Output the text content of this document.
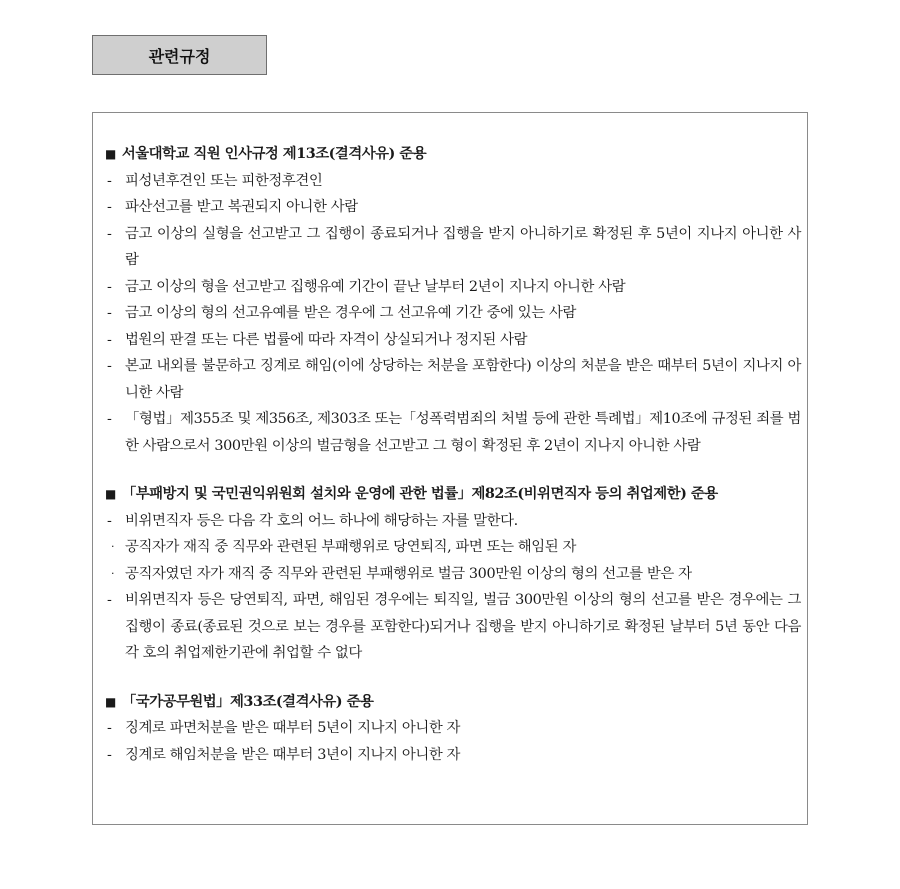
관련규정
■ 서울대학교 직원 인사규정 제13조(결격사유) 준용
- 피성년후견인 또는 피한정후견인
- 파산선고를 받고 복권되지 아니한 사람
- 금고 이상의 실형을 선고받고 그 집행이 종료되거나 집행을 받지 아니하기로 확정된 후 5년이 지나지 아니한 사람
- 금고 이상의 형을 선고받고 집행유예 기간이 끝난 날부터 2년이 지나지 아니한 사람
- 금고 이상의 형의 선고유예를 받은 경우에 그 선고유예 기간 중에 있는 사람
- 법원의 판결 또는 다른 법률에 따라 자격이 상실되거나 정지된 사람
- 본교 내외를 불문하고 징계로 해임(이에 상당하는 처분을 포함한다) 이상의 처분을 받은 때부터 5년이 지나지 아니한 사람
- 「형법」제355조 및 제356조, 제303조 또는「성폭력범죄의 처벌 등에 관한 특례법」제10조에 규정된 죄를 범한 사람으로서 300만원 이상의 벌금형을 선고받고 그 형이 확정된 후 2년이 지나지 아니한 사람
■ 「부패방지 및 국민권익위원회 설치와 운영에 관한 법률」제82조(비위면직자 등의 취업제한) 준용
- 비위면직자 등은 다음 각 호의 어느 하나에 해당하는 자를 말한다.
· 공직자가 재직 중 직무와 관련된 부패행위로 당연퇴직, 파면 또는 해임된 자
· 공직자였던 자가 재직 중 직무와 관련된 부패행위로 벌금 300만원 이상의 형의 선고를 받은 자
- 비위면직자 등은 당연퇴직, 파면, 해임된 경우에는 퇴직일, 벌금 300만원 이상의 형의 선고를 받은 경우에는 그 집행이 종료(종료된 것으로 보는 경우를 포함한다)되거나 집행을 받지 아니하기로 확정된 날부터 5년 동안 다음 각 호의 취업제한기관에 취업할 수 없다
■ 「국가공무원법」제33조(결격사유) 준용
- 징계로 파면처분을 받은 때부터 5년이 지나지 아니한 자
- 징계로 해임처분을 받은 때부터 3년이 지나지 아니한 자
